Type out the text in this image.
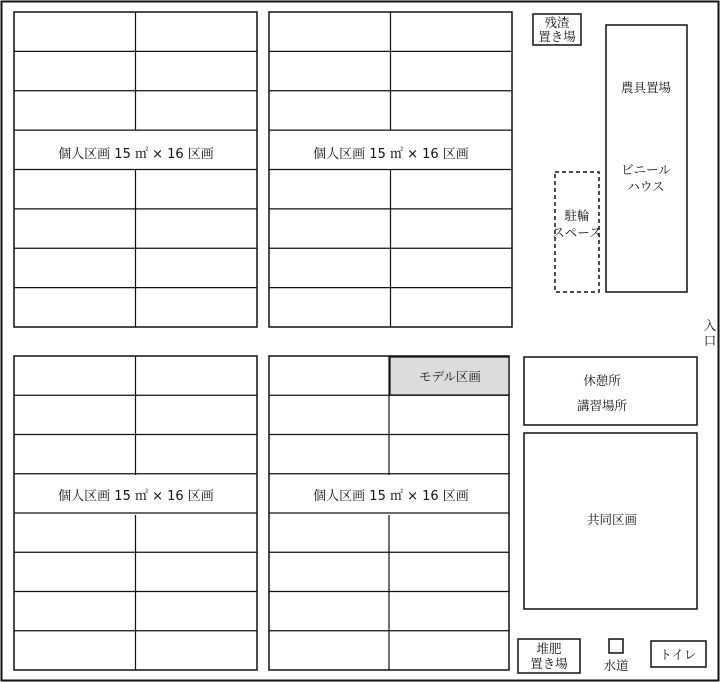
個人区画 15 ㎡ × 16 区画	個人区画 15 ㎡ × 16 区画
個人区画 15 ㎡ × 16 区画	個人区画 15 ㎡ × 16 区画
モデル区画
残渣
置き場
農具置場
ビニール
ハウス
駐輪
スペース
入
口
休憩所
講習場所
共同区画
堆肥
置き場	水道
トイレ
